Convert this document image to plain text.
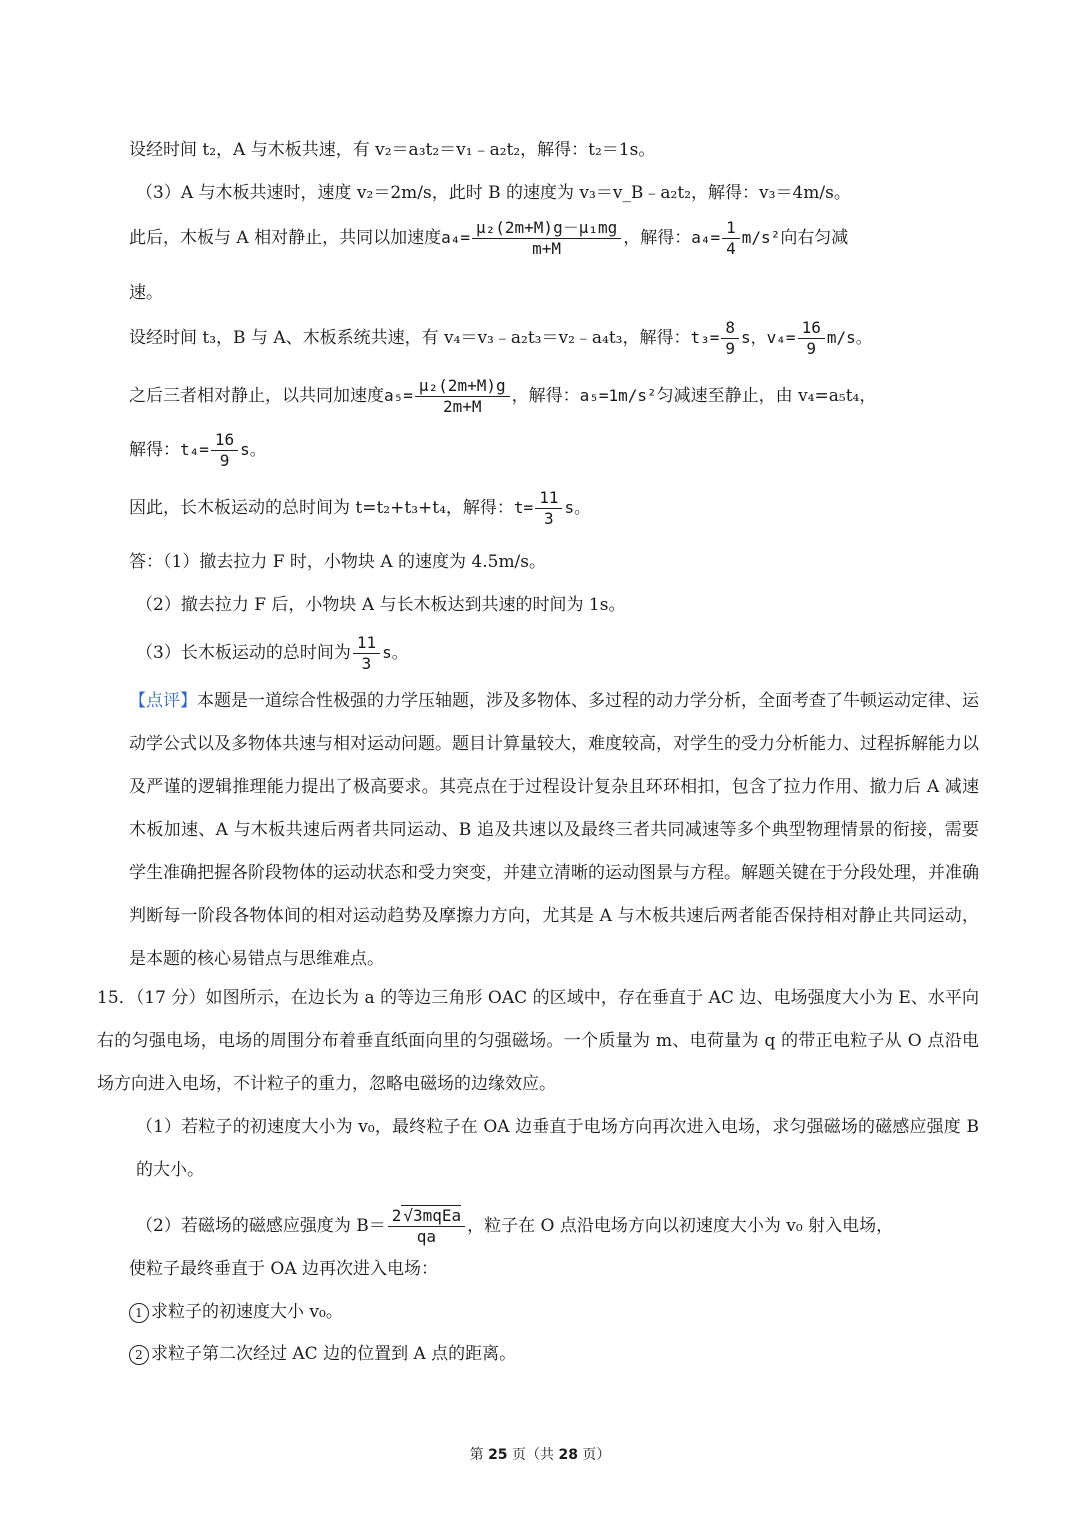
设经时间 t₂，A 与木板共速，有 v₂＝a₃t₂＝v₁﹣a₂t₂，解得：t₂＝1s。
（3）A 与木板共速时，速度 v₂＝2m/s，此时 B 的速度为 v₃＝v_B﹣a₂t₂，解得：v₃＝4m/s。
此后，木板与 A 相对静止，共同以加速度$a_4= \frac{\text{μ₂(2m+M)g－μ₁mg}}{m+M}$ ，解得：$a_4= \frac{1}{4} m/s^2$向右匀减
速。
设经时间 t₃，B 与 A、木板系统共速，有 v₄＝v₃﹣a₂t₃＝v₂﹣a₄t₃，解得：$t_3= \frac{8}{9}$ s，$v_4= \frac{16}{9} m/s$。
之后三者相对静止，以共同加速度$a_5= \frac{\text{μ₂(2m+M)g}}{2m+M}$ ，解得：a₅=1m/s²匀减速至静止，由 v₄=a₅t₄，
解得：$t_4= \frac{16}{9}$ s。
因此，长木板运动的总时间为 t=t₂+t₃+t₄，解得：$t= \frac{11}{3}$ s。
答：（1）撤去拉力 F 时，小物块 A 的速度为 4.5m/s。
（2）撤去拉力 F 后，小物块 A 与长木板达到共速的时间为 1s。
（3）长木板运动的总时间为 $\frac{11}{3}$ s。
【点评】本题是一道综合性极强的力学压轴题，涉及多物体、多过程的动力学分析，全面考查了牛顿运动定律、运动学公式以及多物体共速与相对运动问题。题目计算量较大，难度较高，对学生的受力分析能力、过程拆解能力以及严谨的逻辑推理能力提出了极高要求。其亮点在于过程设计复杂且环环相扣，包含了拉力作用、撤力后 A 减速木板加速、A 与木板共速后两者共同运动、B 追及共速以及最终三者共同减速等多个典型物理情景的衔接，需要学生准确把握各阶段物体的运动状态和受力突变，并建立清晰的运动图景与方程。解题关键在于分段处理，并准确判断每一阶段各物体间的相对运动趋势及摩擦力方向，尤其是 A 与木板共速后两者能否保持相对静止共同运动，是本题的核心易错点与思维难点。
15．（17 分）如图所示，在边长为 a 的等边三角形 OAC 的区域中，存在垂直于 AC 边、电场强度大小为 E、水平向右的匀强电场，电场的周围分布着垂直纸面向里的匀强磁场。一个质量为 m、电荷量为 q 的带正电粒子从 O 点沿电场方向进入电场，不计粒子的重力，忽略电磁场的边缘效应。
（1）若粒子的初速度大小为 v₀，最终粒子在 OA 边垂直于电场方向再次进入电场，求匀强磁场的磁感应强度 B 的大小。
（2）若磁场的磁感应强度为 $B= \frac{\text{2 √3mqEa}}{qa}$ ，粒子在 O 点沿电场方向以初速度大小为 v₀ 射入电场，
使粒子最终垂直于 OA 边再次进入电场：
1 求粒子的初速度大小 v₀。
2 求粒子第二次经过 AC 边的位置到 A 点的距离。
第 25 页（共 28 页）
